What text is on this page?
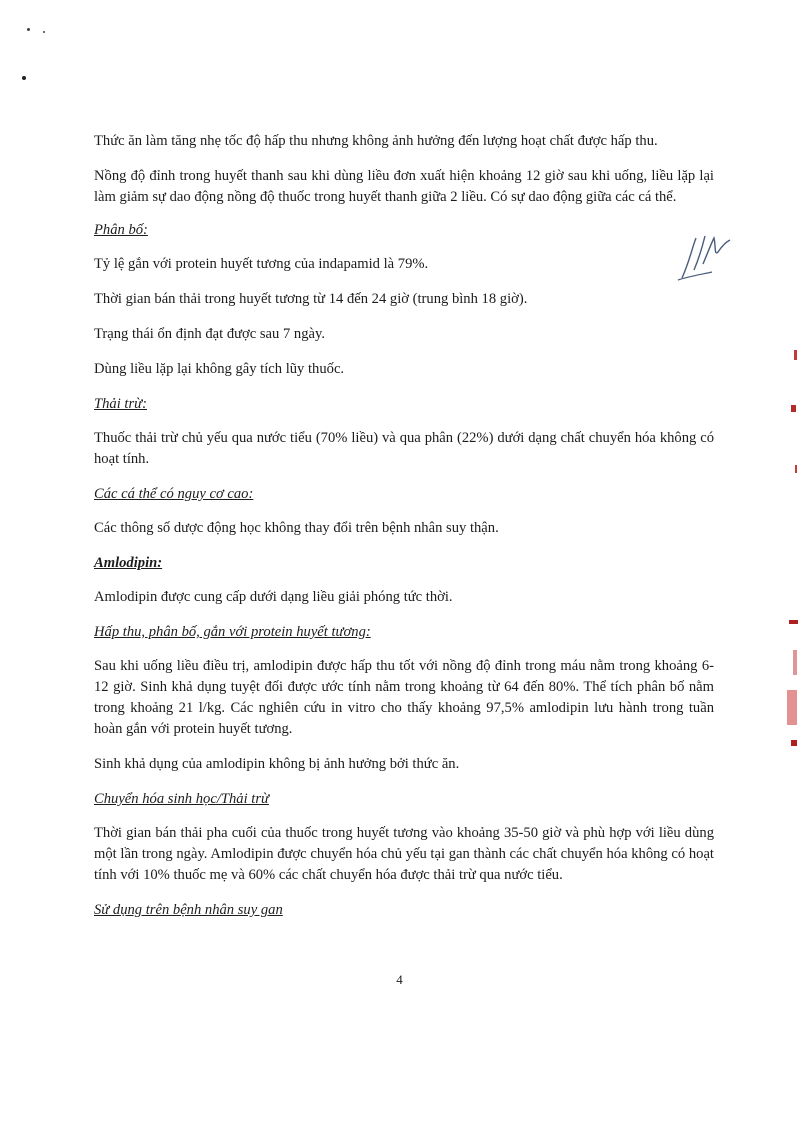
Thức ăn làm tăng nhẹ tốc độ hấp thu nhưng không ảnh hưởng đến lượng hoạt chất được hấp thu.

Nồng độ đỉnh trong huyết thanh sau khi dùng liều đơn xuất hiện khoảng 12 giờ sau khi uống, liều lặp lại làm giảm sự dao động nồng độ thuốc trong huyết thanh giữa 2 liều. Có sự dao động giữa các cá thể.

Phân bố:

Tỷ lệ gắn với protein huyết tương của indapamid là 79%.

Thời gian bán thải trong huyết tương từ 14 đến 24 giờ (trung bình 18 giờ).

Trạng thái ổn định đạt được sau 7 ngày.

Dùng liều lặp lại không gây tích lũy thuốc.

Thải trừ:

Thuốc thải trừ chủ yếu qua nước tiểu (70% liều) và qua phân (22%) dưới dạng chất chuyển hóa không có hoạt tính.

Các cá thể có nguy cơ cao:

Các thông số dược động học không thay đổi trên bệnh nhân suy thận.

Amlodipin:

Amlodipin được cung cấp dưới dạng liều giải phóng tức thời.

Hấp thu, phân bố, gắn với protein huyết tương:

Sau khi uống liều điều trị, amlodipin được hấp thu tốt với nồng độ đỉnh trong máu nằm trong khoảng 6-12 giờ. Sinh khả dụng tuyệt đối được ước tính nằm trong khoảng từ 64 đến 80%. Thể tích phân bố nằm trong khoảng 21 l/kg. Các nghiên cứu in vitro cho thấy khoảng 97,5% amlodipin lưu hành trong tuần hoàn gắn với protein huyết tương.

Sinh khả dụng của amlodipin không bị ảnh hưởng bởi thức ăn.

Chuyển hóa sinh học/Thải trừ

Thời gian bán thải pha cuối của thuốc trong huyết tương vào khoảng 35-50 giờ và phù hợp với liều dùng một lần trong ngày. Amlodipin được chuyển hóa chủ yếu tại gan thành các chất chuyển hóa không có hoạt tính với 10% thuốc mẹ và 60% các chất chuyển hóa được thải trừ qua nước tiểu.

Sử dụng trên bệnh nhân suy gan

4
